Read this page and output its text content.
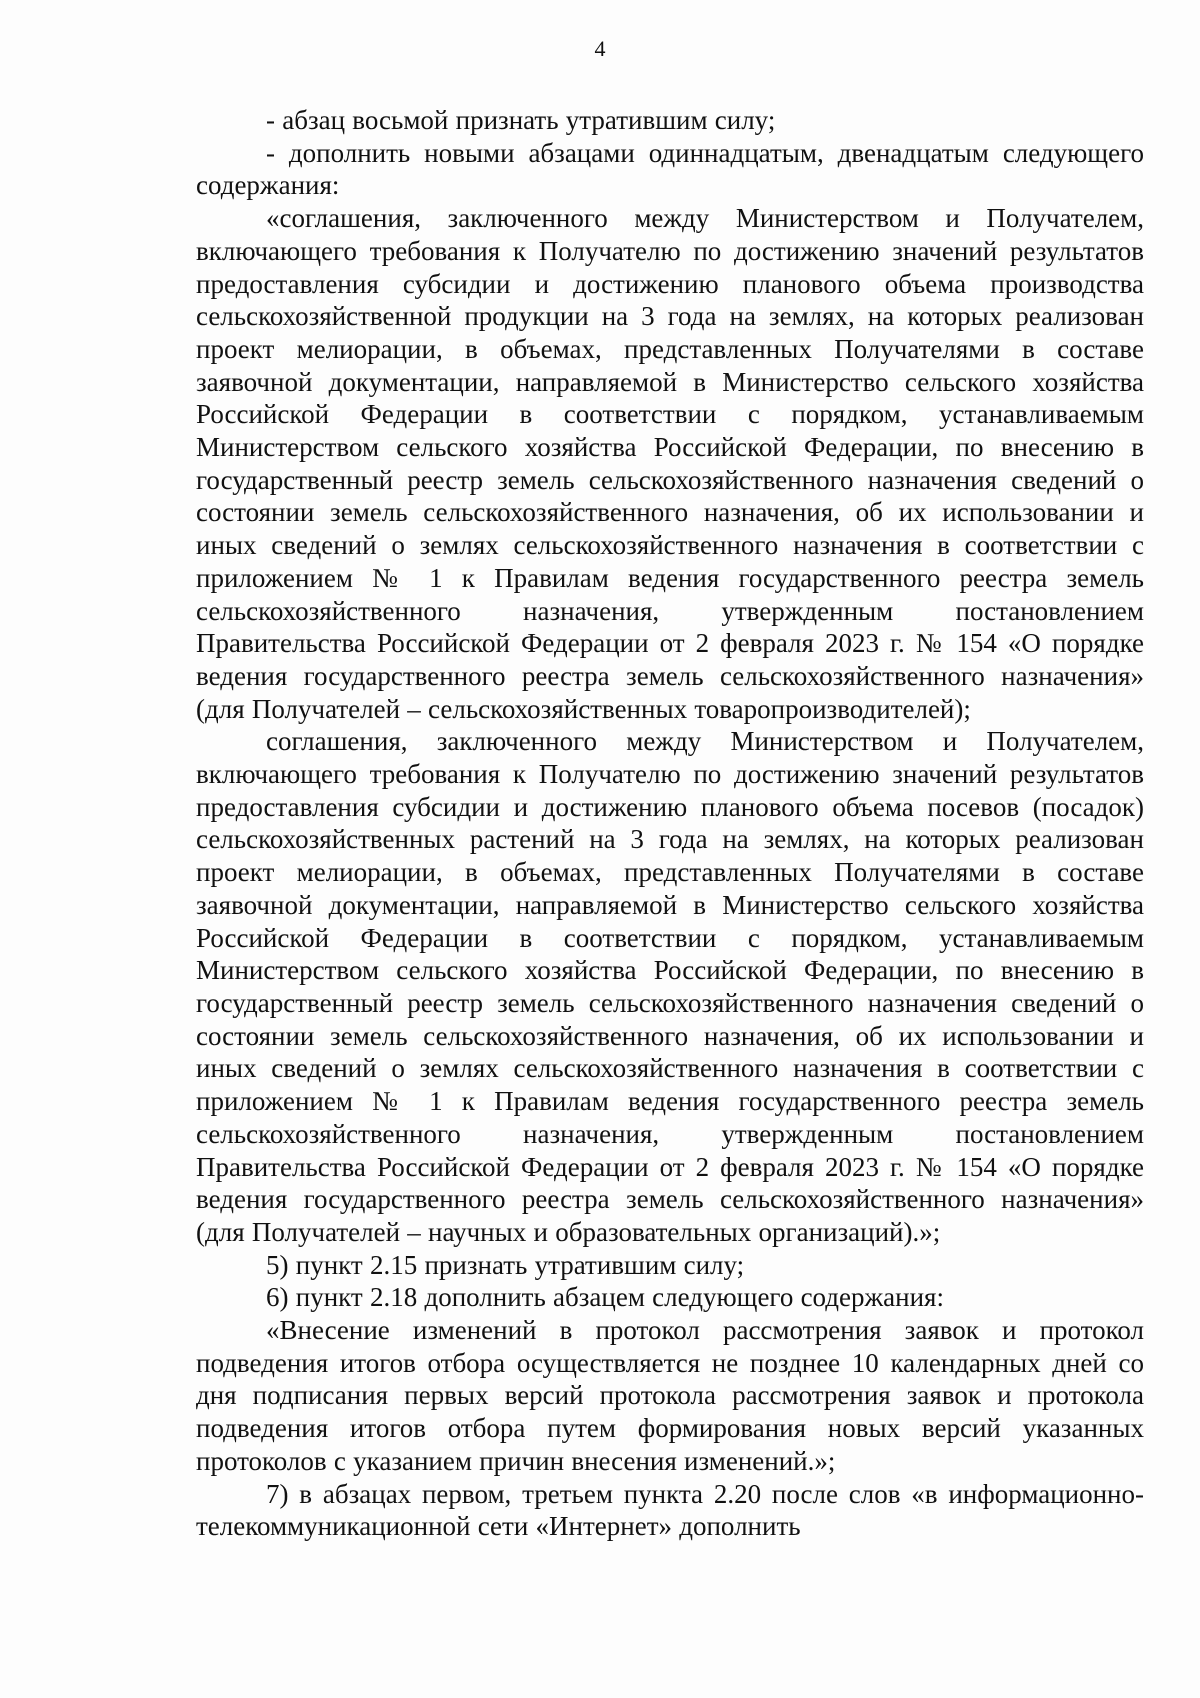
4

- абзац восьмой признать утратившим силу;

- дополнить новыми абзацами одиннадцатым, двенадцатым следующего содержания:

«соглашения, заключенного между Министерством и Получателем, включающего требования к Получателю по достижению значений результатов предоставления субсидии и достижению планового объема производства сельскохозяйственной продукции на 3 года на землях, на которых реализован проект мелиорации, в объемах, представленных Получателями в составе заявочной документации, направляемой в Министерство сельского хозяйства Российской Федерации в соответствии с порядком, устанавливаемым Министерством сельского хозяйства Российской Федерации, по внесению в государственный реестр земель сельскохозяйственного назначения сведений о состоянии земель сельскохозяйственного назначения, об их использовании и иных сведений о землях сельскохозяйственного назначения в соответствии с приложением № 1 к Правилам ведения государственного реестра земель сельскохозяйственного назначения, утвержденным постановлением Правительства Российской Федерации от 2 февраля 2023 г. № 154 «О порядке ведения государственного реестра земель сельскохозяйственного назначения» (для Получателей – сельскохозяйственных товаропроизводителей);

соглашения, заключенного между Министерством и Получателем, включающего требования к Получателю по достижению значений результатов предоставления субсидии и достижению планового объема посевов (посадок) сельскохозяйственных растений на 3 года на землях, на которых реализован проект мелиорации, в объемах, представленных Получателями в составе заявочной документации, направляемой в Министерство сельского хозяйства Российской Федерации в соответствии с порядком, устанавливаемым Министерством сельского хозяйства Российской Федерации, по внесению в государственный реестр земель сельскохозяйственного назначения сведений о состоянии земель сельскохозяйственного назначения, об их использовании и иных сведений о землях сельскохозяйственного назначения в соответствии с приложением № 1 к Правилам ведения государственного реестра земель сельскохозяйственного назначения, утвержденным постановлением Правительства Российской Федерации от 2 февраля 2023 г. № 154 «О порядке ведения государственного реестра земель сельскохозяйственного назначения» (для Получателей – научных и образовательных организаций).»;

5) пункт 2.15 признать утратившим силу;

6) пункт 2.18 дополнить абзацем следующего содержания:

«Внесение изменений в протокол рассмотрения заявок и протокол подведения итогов отбора осуществляется не позднее 10 календарных дней со дня подписания первых версий протокола рассмотрения заявок и протокола подведения итогов отбора путем формирования новых версий указанных протоколов с указанием причин внесения изменений.»;

7) в абзацах первом, третьем пункта 2.20 после слов «в информационно-телекоммуникационной сети «Интернет» дополнить
